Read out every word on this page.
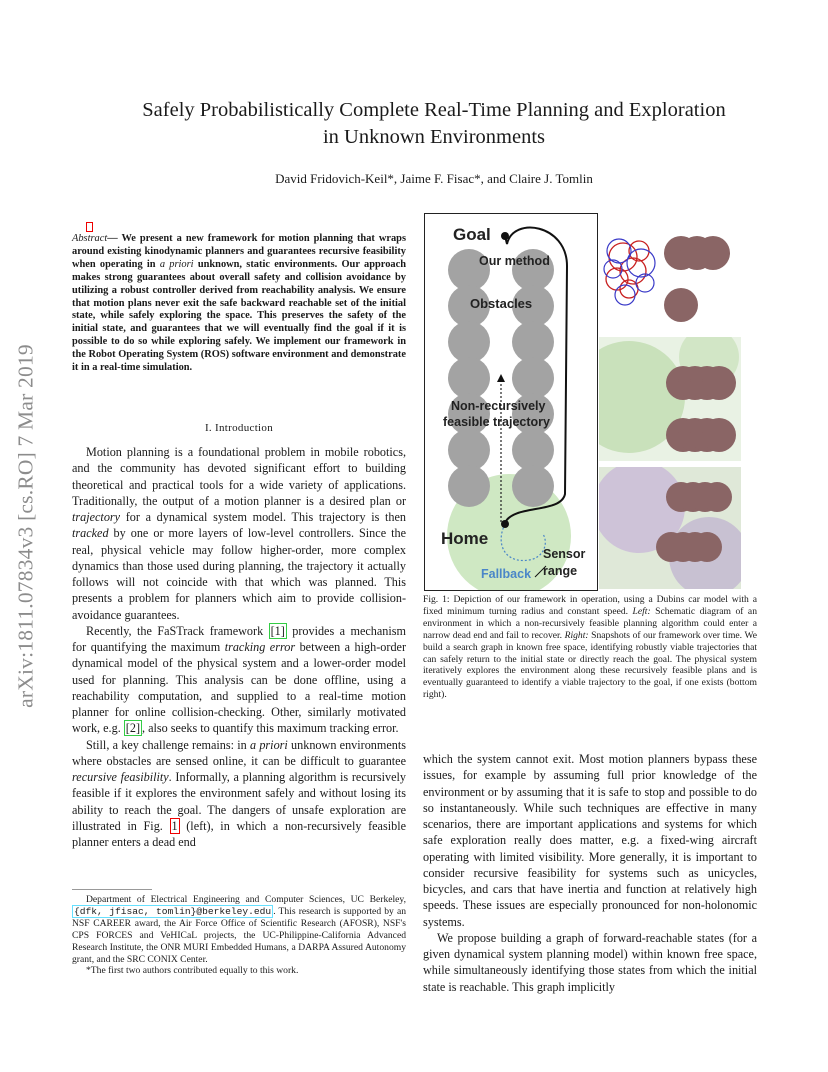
arXiv:1811.07834v3 [cs.RO] 7 Mar 2019
Safely Probabilistically Complete Real-Time Planning and Exploration
in Unknown Environments
David Fridovich-Keil*, Jaime F. Fisac*, and Claire J. Tomlin
Abstract— We present a new framework for motion planning that wraps around existing kinodynamic planners and guarantees recursive feasibility when operating in a priori unknown, static environments. Our approach makes strong guarantees about overall safety and collision avoidance by utilizing a robust controller derived from reachability analysis. We ensure that motion plans never exit the safe backward reachable set of the initial state, while safely exploring the space. This preserves the safety of the initial state, and guarantees that we will eventually find the goal if it is possible to do so while exploring safely. We implement our framework in the Robot Operating System (ROS) software environment and demonstrate it in a real-time simulation.
I. Introduction

Motion planning is a foundational problem in mobile robotics, and the community has devoted significant effort to building theoretical and practical tools for a wide variety of applications. Traditionally, the output of a motion planner is a desired plan or trajectory for a dynamical system model. This trajectory is then tracked by one or more layers of low-level controllers. Since the real, physical vehicle may follow higher-order, more complex dynamics than those used during planning, the trajectory it actually follows will not coincide with that which was planned. This presents a problem for planners which aim to provide collision-avoidance guarantees.

Recently, the FaSTrack framework [1] provides a mechanism for quantifying the maximum tracking error between a high-order dynamical model of the physical system and a lower-order model used for planning. This analysis can be done offline, using a reachability computation, and supplied to a real-time motion planner for online collision-checking. Other, similarly motivated work, e.g. [2] , also seeks to quantify this maximum tracking error.

Still, a key challenge remains: in a priori unknown environments where obstacles are sensed online, it can be difficult to guarantee recursive feasibility. Informally, a planning algorithm is recursively feasible if it explores the environment safely and without losing its ability to reach the goal. The dangers of unsafe exploration are illustrated in Fig. 1 (left), in which a non-recursively feasible planner enters a dead end

Department of Electrical Engineering and Computer Sciences, UC Berkeley, {dfk, jfisac, tomlin}@berkeley.edu . This research is supported by an NSF CAREER award, the Air Force Office of Scientific Research (AFOSR), NSF's CPS FORCES and VeHICaL projects, the UC-Philippine-California Advanced Research Institute, the ONR MURI Embedded Humans, a DARPA Assured Autonomy grant, and the SRC CONIX Center.

*The first two authors contributed equally to this work.

Goal
Our method
Obstacles
Non-recursively
feasible trajectory
Home
Sensor
range
Fallback
Fig. 1: Depiction of our framework in operation, using a Dubins car model with a fixed minimum turning radius and constant speed. Left: Schematic diagram of an environment in which a non-recursively feasible planning algorithm could enter a narrow dead end and fail to recover. Right: Snapshots of our framework over time. We build a search graph in known free space, identifying robustly viable trajectories that can safely return to the initial state or directly reach the goal. The physical system iteratively explores the environment along these recursively feasible plans and is eventually guaranteed to identify a viable trajectory to the goal, if one exists (bottom right).

which the system cannot exit. Most motion planners bypass these issues, for example by assuming full prior knowledge of the environment or by assuming that it is safe to stop and possible to do so instantaneously. While such techniques are effective in many scenarios, there are important applications and systems for which safe exploration really does matter, e.g. a fixed-wing aircraft operating with limited visibility. More generally, it is important to consider recursive feasibility for systems such as unicycles, bicycles, and cars that have inertia and function at relatively high speeds. These issues are especially pronounced for non-holonomic systems.

We propose building a graph of forward-reachable states (for a given dynamical system planning model) within known free space, while simultaneously identifying those states from which the initial state is reachable. This graph implicitly
